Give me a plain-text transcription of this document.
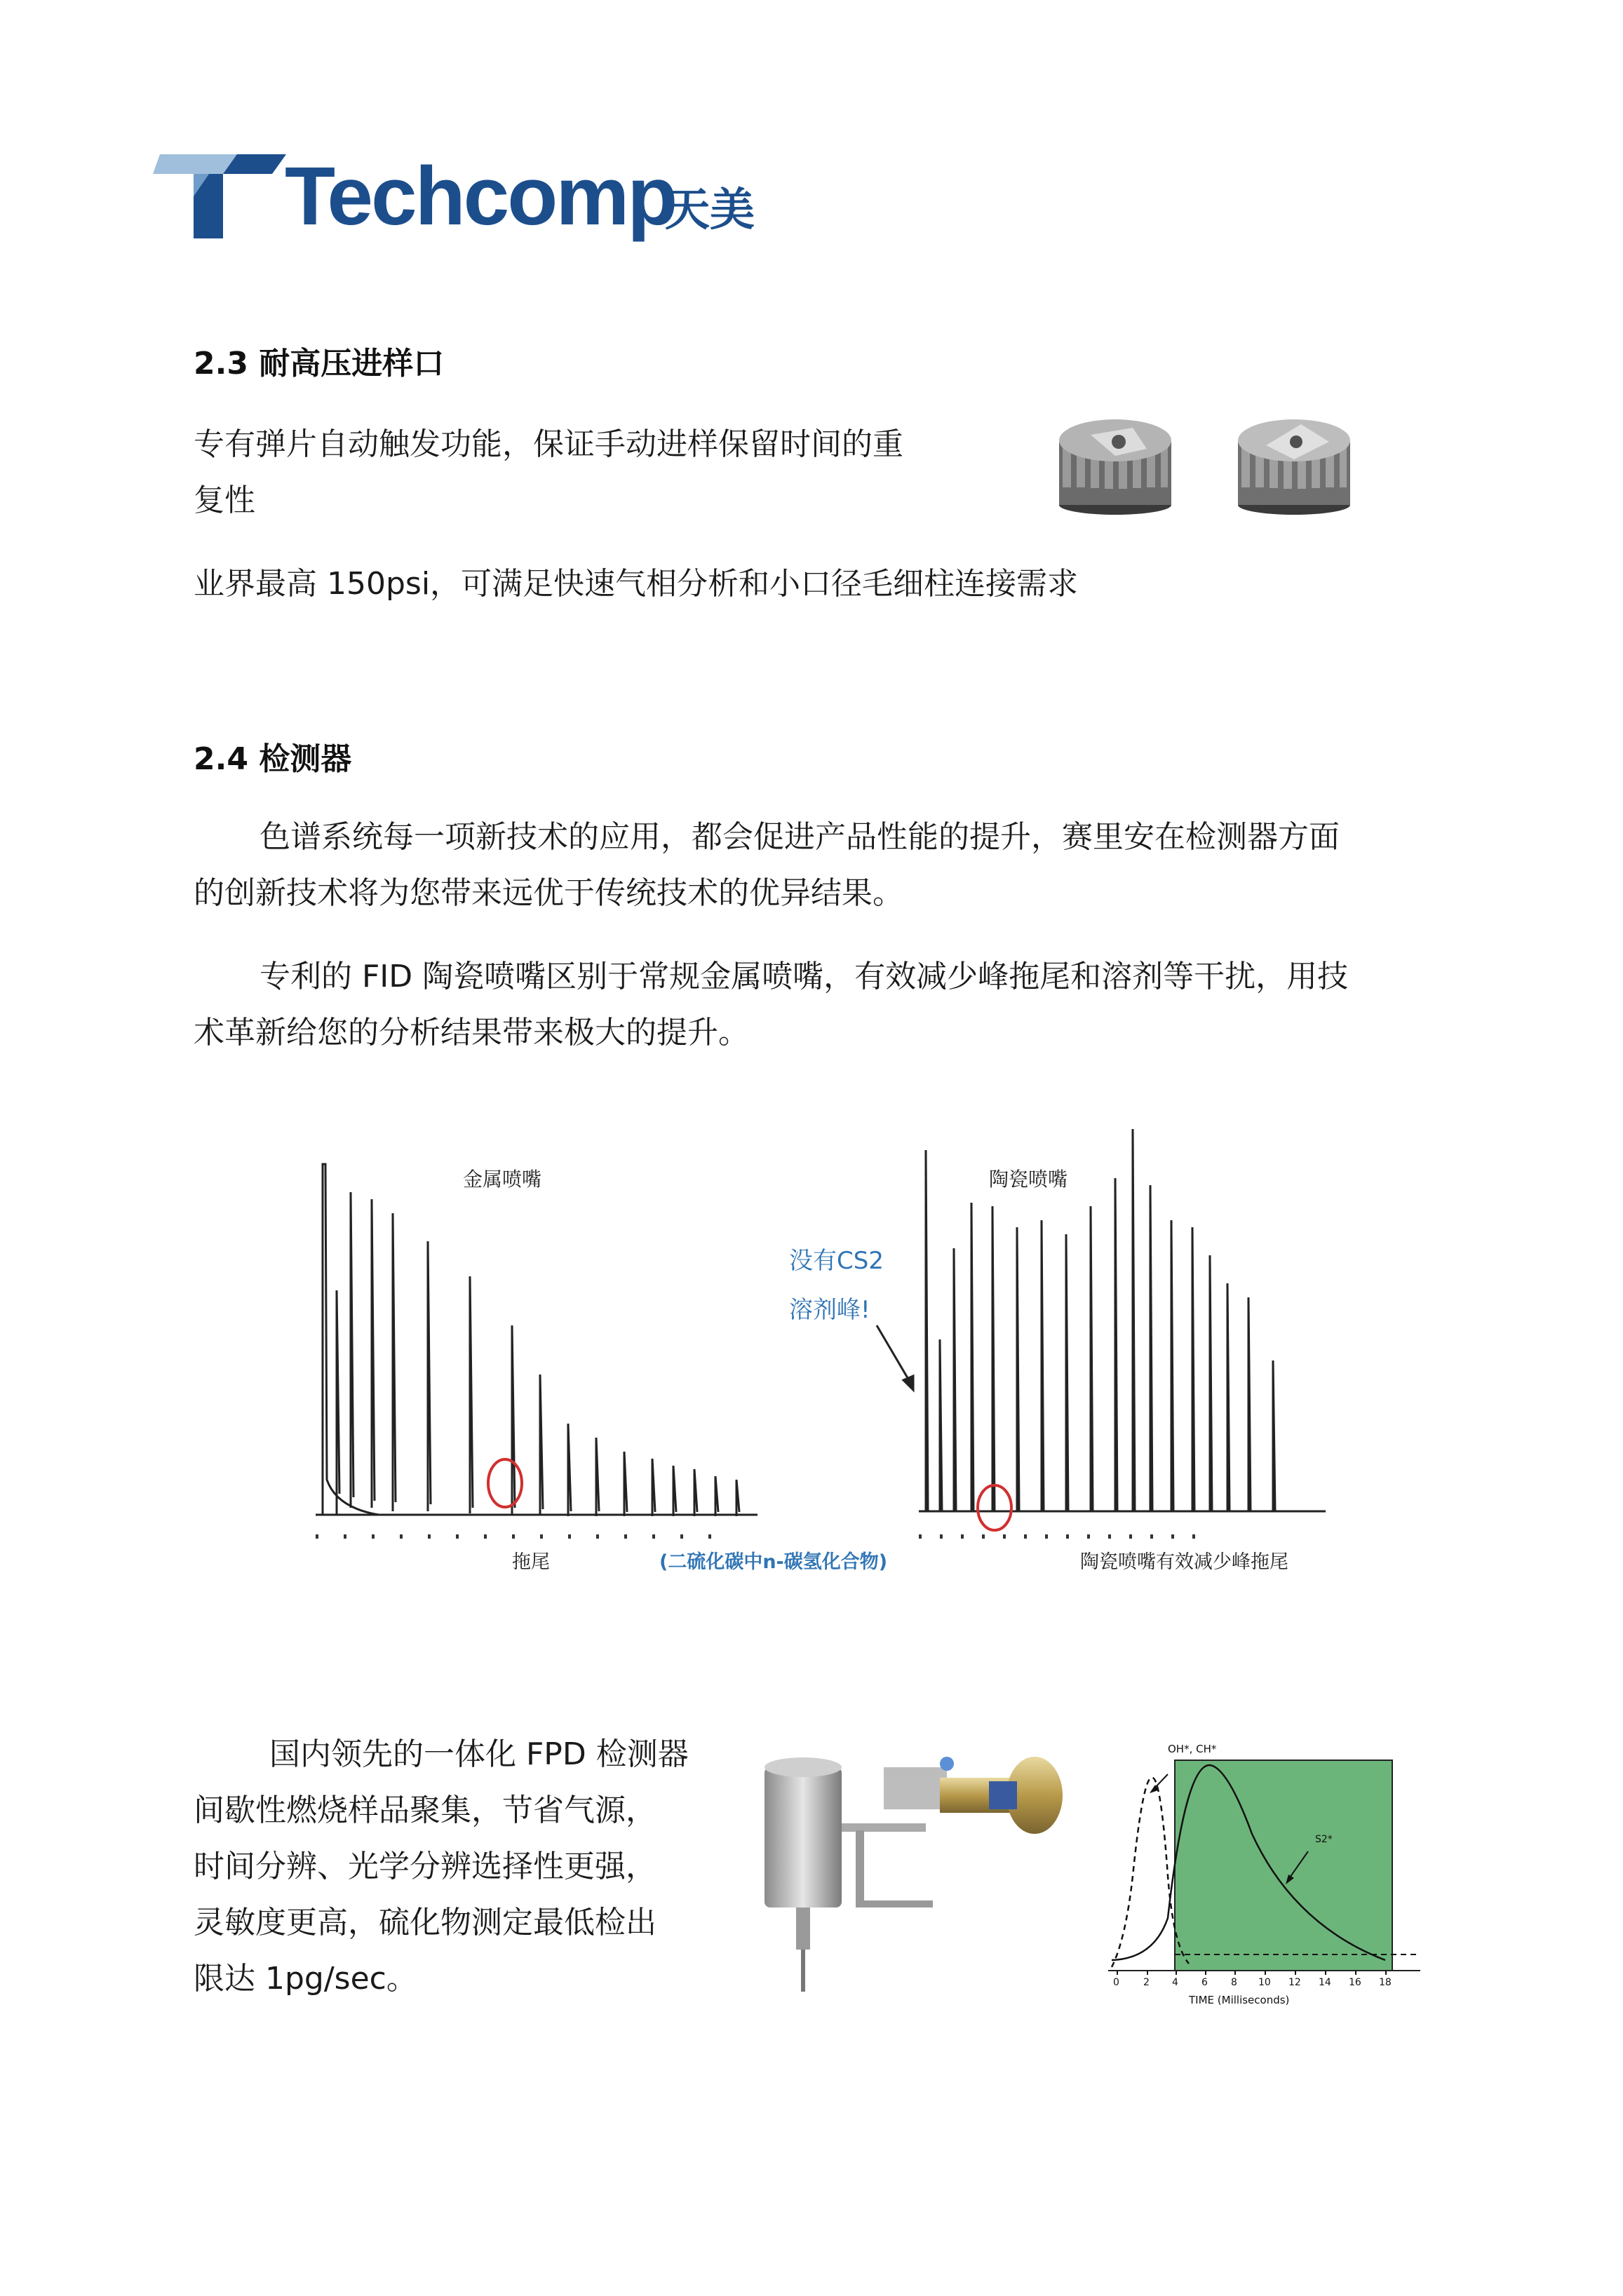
Techcomp
天美
2.3 耐高压进样口
专有弹片自动触发功能，保证手动进样保留时间的重
复性
业界最高 150psi，可满足快速气相分析和小口径毛细柱连接需求
2.4 检测器
色谱系统每一项新技术的应用，都会促进产品性能的提升，赛里安在检测器方面
的创新技术将为您带来远优于传统技术的优异结果。
专利的 FID 陶瓷喷嘴区别于常规金属喷嘴，有效减少峰拖尾和溶剂等干扰，用技
术革新给您的分析结果带来极大的提升。
金属喷嘴	陶瓷喷嘴
没有CS2
溶剂峰!
拖尾	(二硫化碳中n-碳氢化合物)	陶瓷喷嘴有效减少峰拖尾
国内领先的一体化 FPD 检测器
间歇性燃烧样品聚集，节省气源，
时间分辨、光学分辨选择性更强，
灵敏度更高，硫化物测定最低检出
限达 1pg/sec。
OH*, CH*
S2*
0 2 4 6 8 10 12 14 16 18
TIME (Milliseconds)
